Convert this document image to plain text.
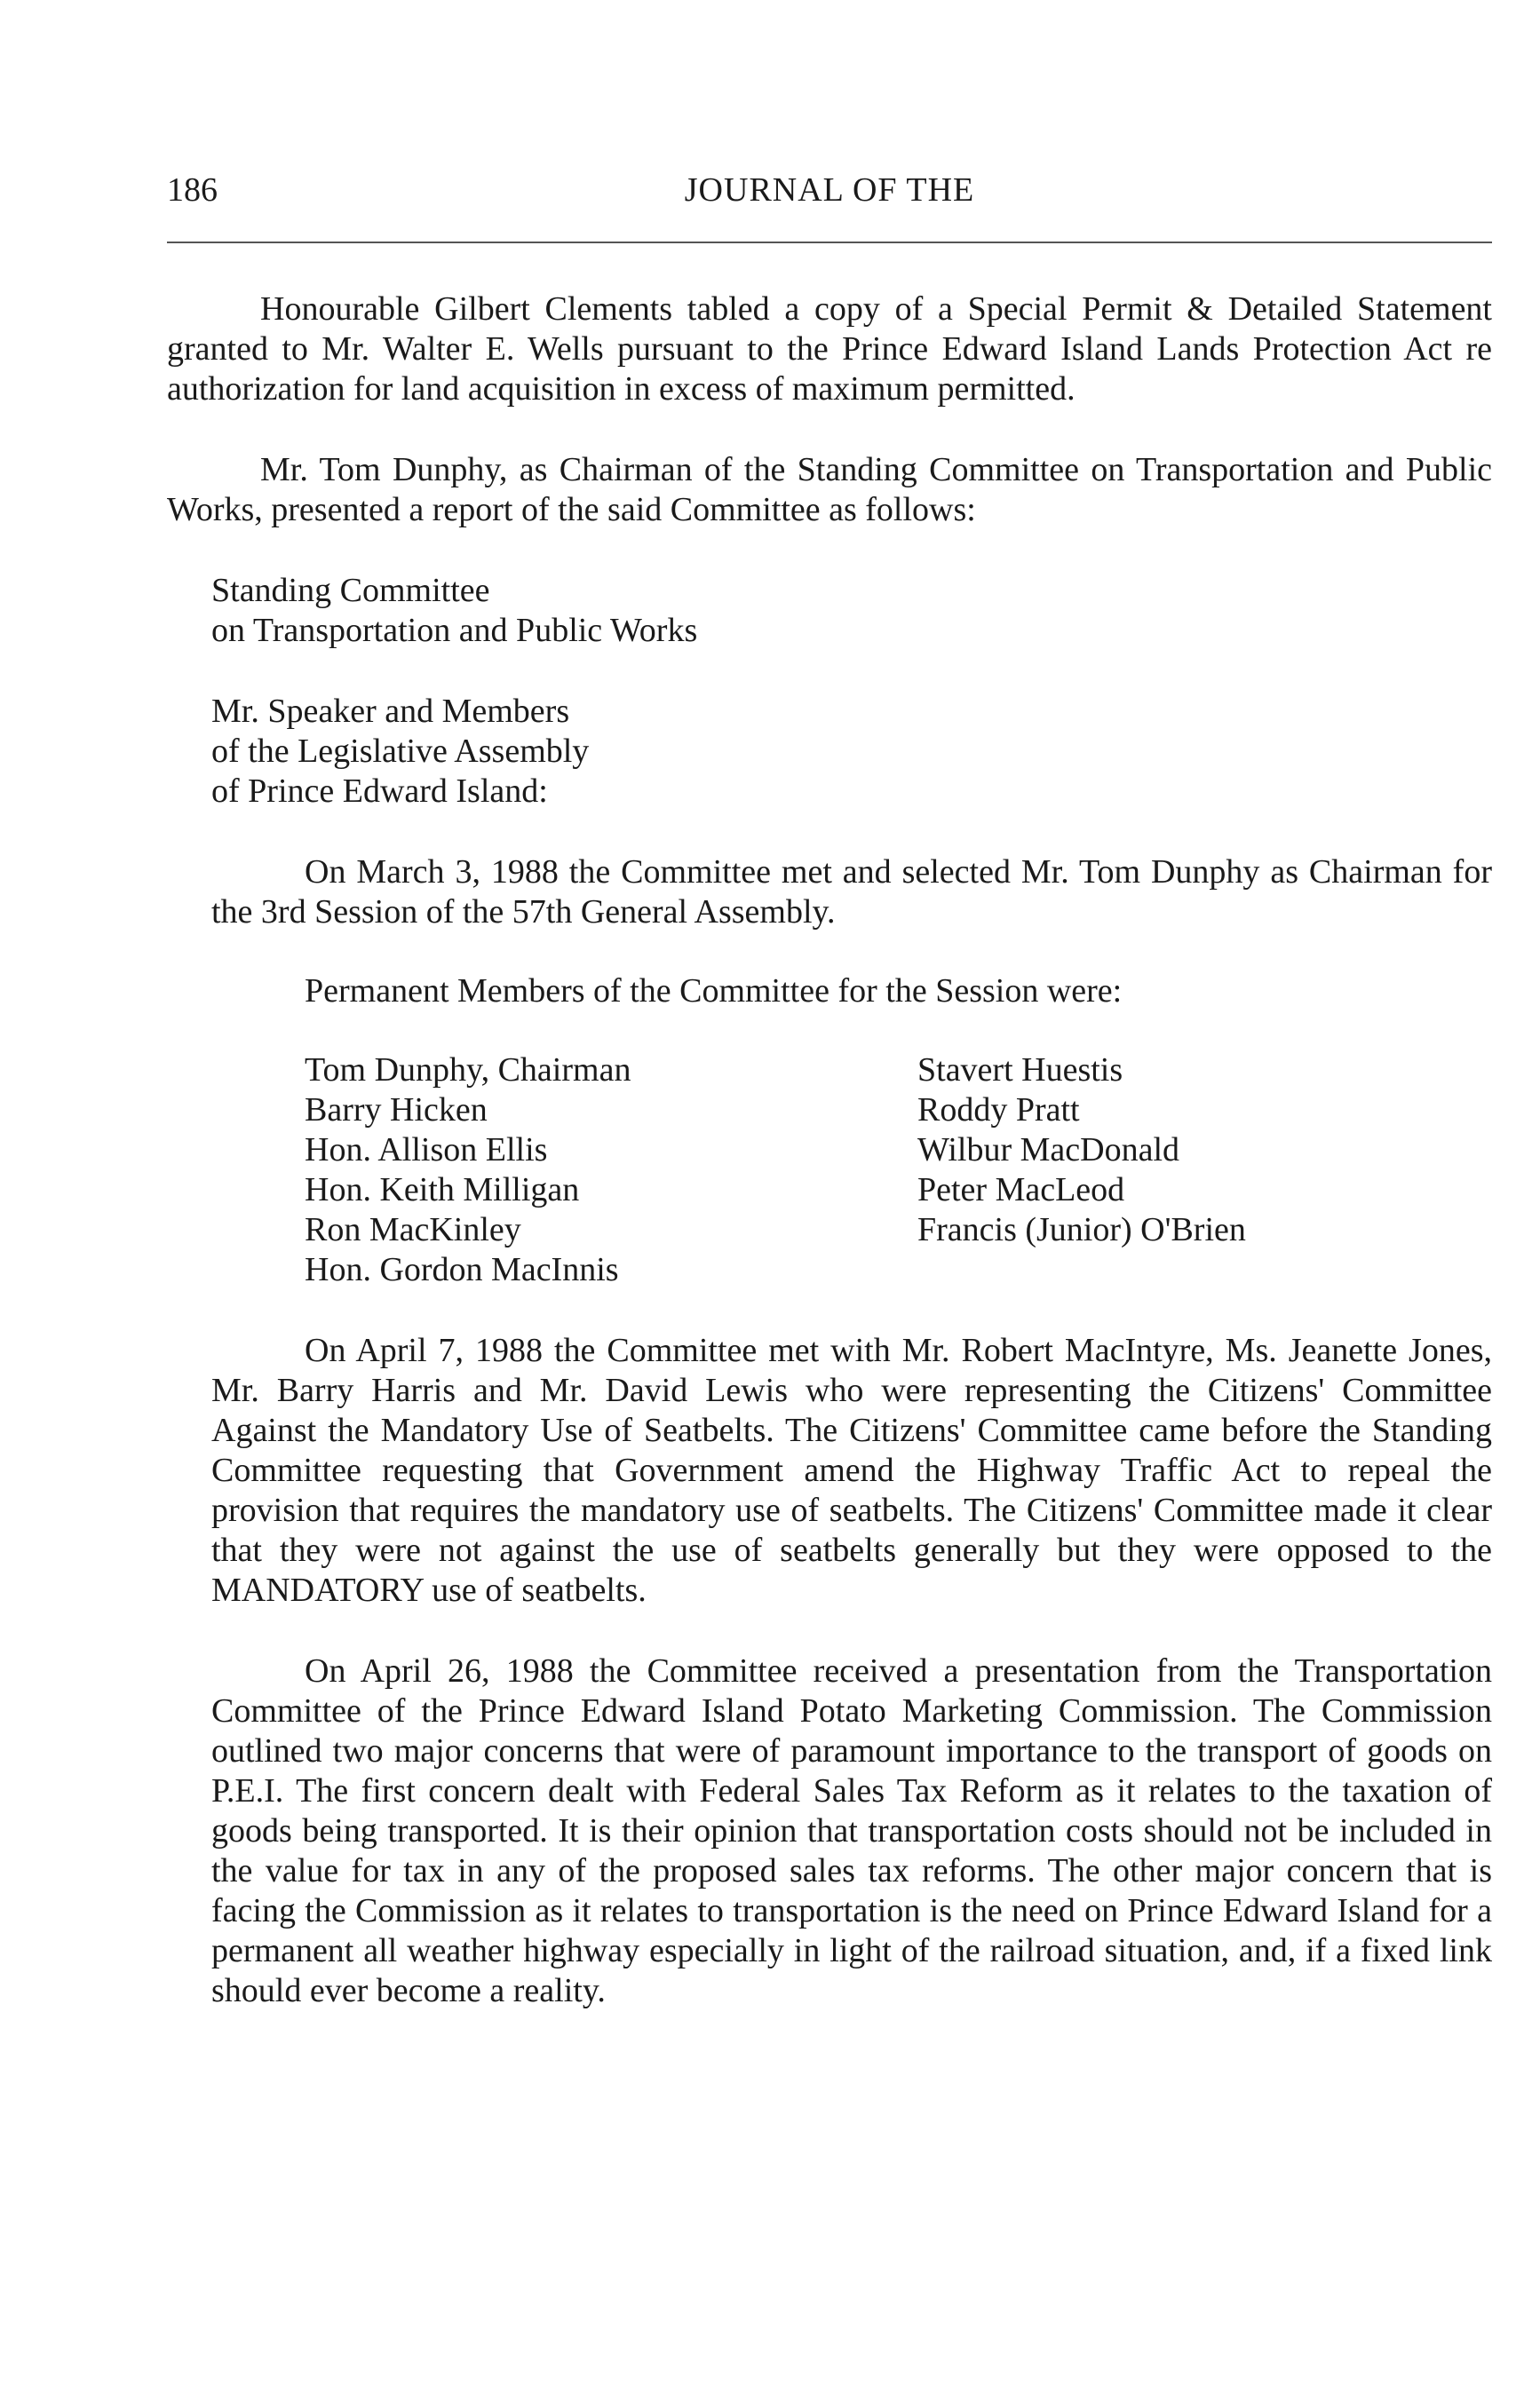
186	JOURNAL OF THE

Honourable Gilbert Clements tabled a copy of a Special Permit & Detailed Statement granted to Mr. Walter E. Wells pursuant to the Prince Edward Island Lands Protection Act re authorization for land acquisition in excess of maximum permitted.

Mr. Tom Dunphy, as Chairman of the Standing Committee on Transportation and Public Works, presented a report of the said Committee as follows:

Standing Committee
on Transportation and Public Works
Mr. Speaker and Members
of the Legislative Assembly
of Prince Edward Island:

On March 3, 1988 the Committee met and selected Mr. Tom Dunphy as Chairman for the 3rd Session of the 57th General Assembly.

Permanent Members of the Committee for the Session were:

Tom Dunphy, Chairman
Barry Hicken
Hon. Allison Ellis
Hon. Keith Milligan
Ron MacKinley
Hon. Gordon MacInnis
Stavert Huestis
Roddy Pratt
Wilbur MacDonald
Peter MacLeod
Francis (Junior) O'Brien

On April 7, 1988 the Committee met with Mr. Robert MacIntyre, Ms. Jeanette Jones, Mr. Barry Harris and Mr. David Lewis who were representing the Citizens' Committee Against the Mandatory Use of Seatbelts. The Citizens' Committee came before the Standing Committee requesting that Government amend the Highway Traffic Act to repeal the provision that requires the mandatory use of seatbelts. The Citizens' Committee made it clear that they were not against the use of seatbelts generally but they were opposed to the MANDATORY use of seatbelts.

On April 26, 1988 the Committee received a presentation from the Transportation Committee of the Prince Edward Island Potato Marketing Commission. The Commission outlined two major concerns that were of paramount importance to the transport of goods on P.E.I. The first concern dealt with Federal Sales Tax Reform as it relates to the taxation of goods being transported. It is their opinion that transportation costs should not be included in the value for tax in any of the proposed sales tax reforms. The other major concern that is facing the Commission as it relates to transportation is the need on Prince Edward Island for a permanent all weather highway especially in light of the railroad situation, and, if a fixed link should ever become a reality.
